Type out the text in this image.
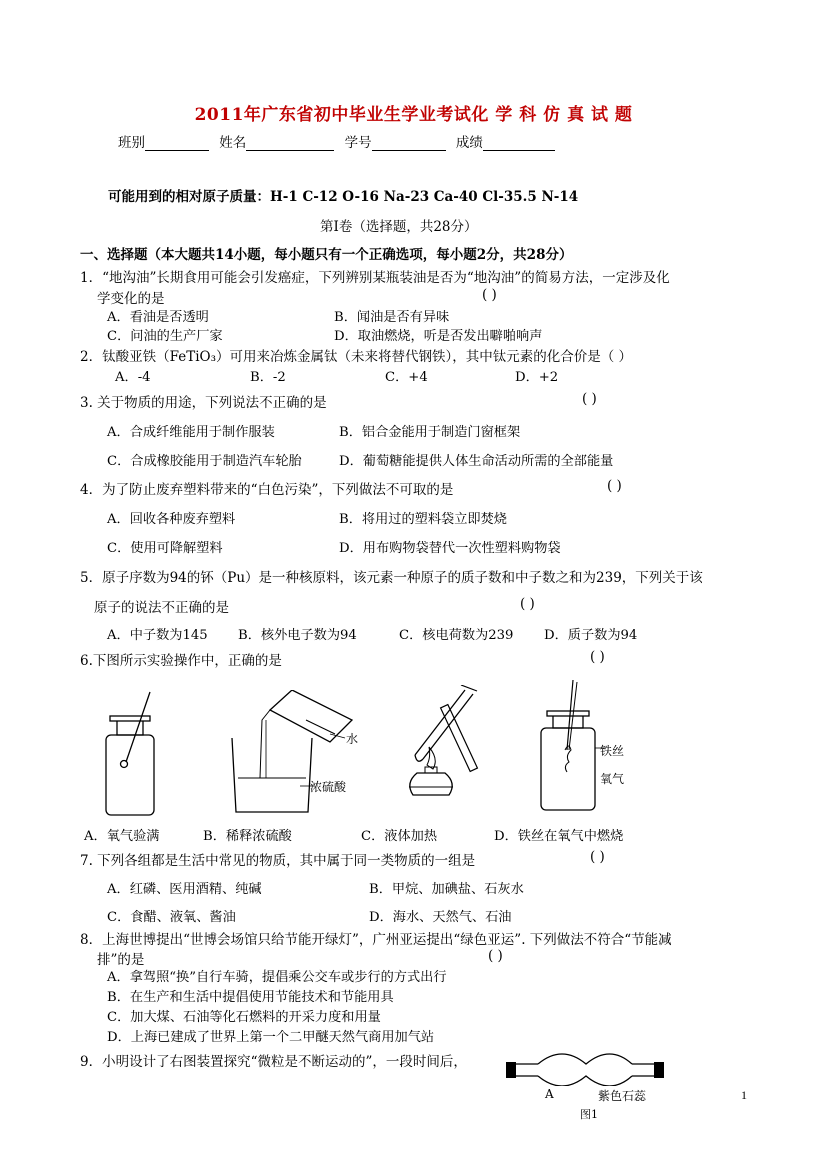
2011年广东省初中毕业生学业考试化 学 科 仿 真 试 题
班别	姓名	学号	成绩
可能用到的相对原子质量：H-1 C-12 O-16 Na-23 Ca-40 Cl-35.5 N-14
第Ⅰ卷（选择题，共28分）
一、选择题（本大题共14小题，每小题只有一个正确选项，每小题2分，共28分）
1．“地沟油”长期食用可能会引发癌症，下列辨别某瓶装油是否为“地沟油”的简易方法，一定涉及化
学变化的是	( )
A．看油是否透明	B．闻油是否有异味
C．问油的生产厂家	D．取油燃烧，听是否发出噼啪响声
2．钛酸亚铁（FeTiO₃）可用来冶炼金属钛（未来将替代钢铁），其中钛元素的化合价是（ ）
A．-4	B．-2	C．+4	D．+2
3. 关于物质的用途，下列说法不正确的是	( )
A．合成纤维能用于制作服装	B．铝合金能用于制造门窗框架
C．合成橡胶能用于制造汽车轮胎	D．葡萄糖能提供人体生命活动所需的全部能量
4．为了防止废弃塑料带来的“白色污染”，下列做法不可取的是	( )
A．回收各种废弃塑料	B．将用过的塑料袋立即焚烧
C．使用可降解塑料	D．用布购物袋替代一次性塑料购物袋
5．原子序数为94的钚（Pu）是一种核原料，该元素一种原子的质子数和中子数之和为239，下列关于该
原子的说法不正确的是	( )
A．中子数为145 B．核外电子数为94	C．核电荷数为239 D．质子数为94
6.下图所示实验操作中，正确的是	( )
水
浓硫酸
铁丝
氧气
A．氧气验满	B．稀释浓硫酸	C．液体加热	D．铁丝在氧气中燃烧
7. 下列各组都是生活中常见的物质，其中属于同一类物质的一组是	( )
A．红磷、医用酒精、纯碱	B．甲烷、加碘盐、石灰水
C．食醋、液氧、酱油	D．海水、天然气、石油
8．上海世博提出“世博会场馆只给节能开绿灯”，广州亚运提出“绿色亚运”. 下列做法不符合“节能减
排”的是	( )
A．拿驾照“换”自行车骑，提倡乘公交车或步行的方式出行
B．在生产和生活中提倡使用节能技术和节能用具
C．加大煤、石油等化石燃料的开采力度和用量
D．上海已建成了世界上第一个二甲醚天然气商用加气站
9．小明设计了右图装置探究“微粒是不断运动的”，一段时间后，
A	紫色石蕊
图1
1
